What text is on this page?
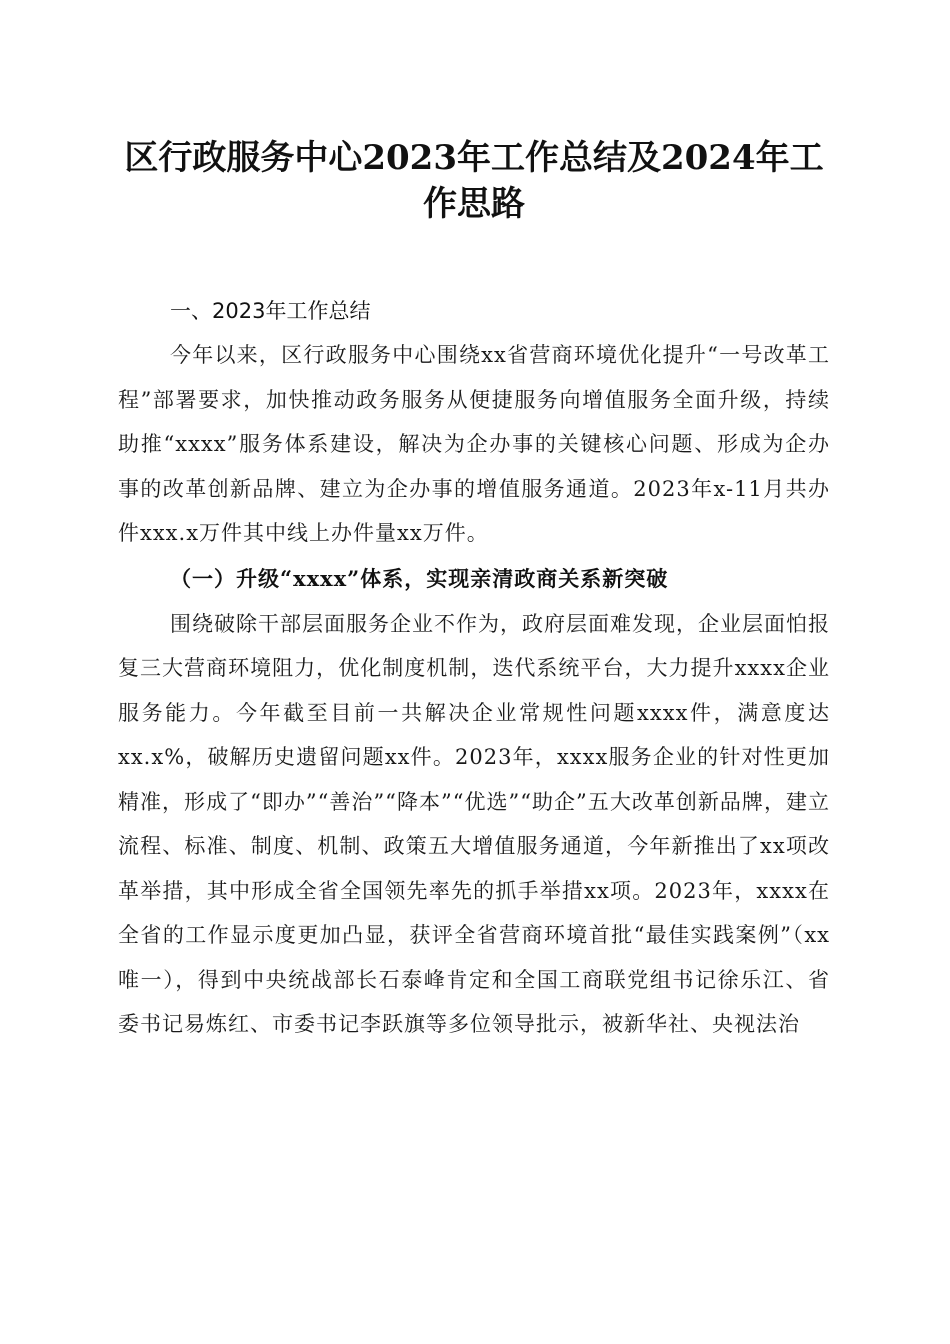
区行政服务中心2023年工作总结及2024年工作思路
一、2023年工作总结

今年以来，区行政服务中心围绕xx省营商环境优化提升“一号改革工程”部署要求，加快推动政务服务从便捷服务向增值服务全面升级，持续助推“xxxx”服务体系建设，解决为企办事的关键核心问题、形成为企办事的改革创新品牌、建立为企办事的增值服务通道。2023年x-11月共办件xxx.x万件其中线上办件量xx万件。

（一）升级“xxxx”体系，实现亲清政商关系新突破

围绕破除干部层面服务企业不作为，政府层面难发现，企业层面怕报复三大营商环境阻力，优化制度机制，迭代系统平台，大力提升xxxx企业服务能力。今年截至目前一共解决企业常规性问题xxxx件，满意度达xx.x%，破解历史遗留问题xx件。2023年，xxxx服务企业的针对性更加精准，形成了“即办”“善治”“降本”“优选”“助企”五大改革创新品牌，建立流程、标准、制度、机制、政策五大增值服务通道，今年新推出了xx项改革举措，其中形成全省全国领先率先的抓手举措xx项。2023年，xxxx在全省的工作显示度更加凸显，获评全省营商环境首批“最佳实践案例”（xx唯一），得到中央统战部长石泰峰肯定和全国工商联党组书记徐乐江、省委书记易炼红、市委书记李跃旗等多位领导批示，被新华社、央视法治
